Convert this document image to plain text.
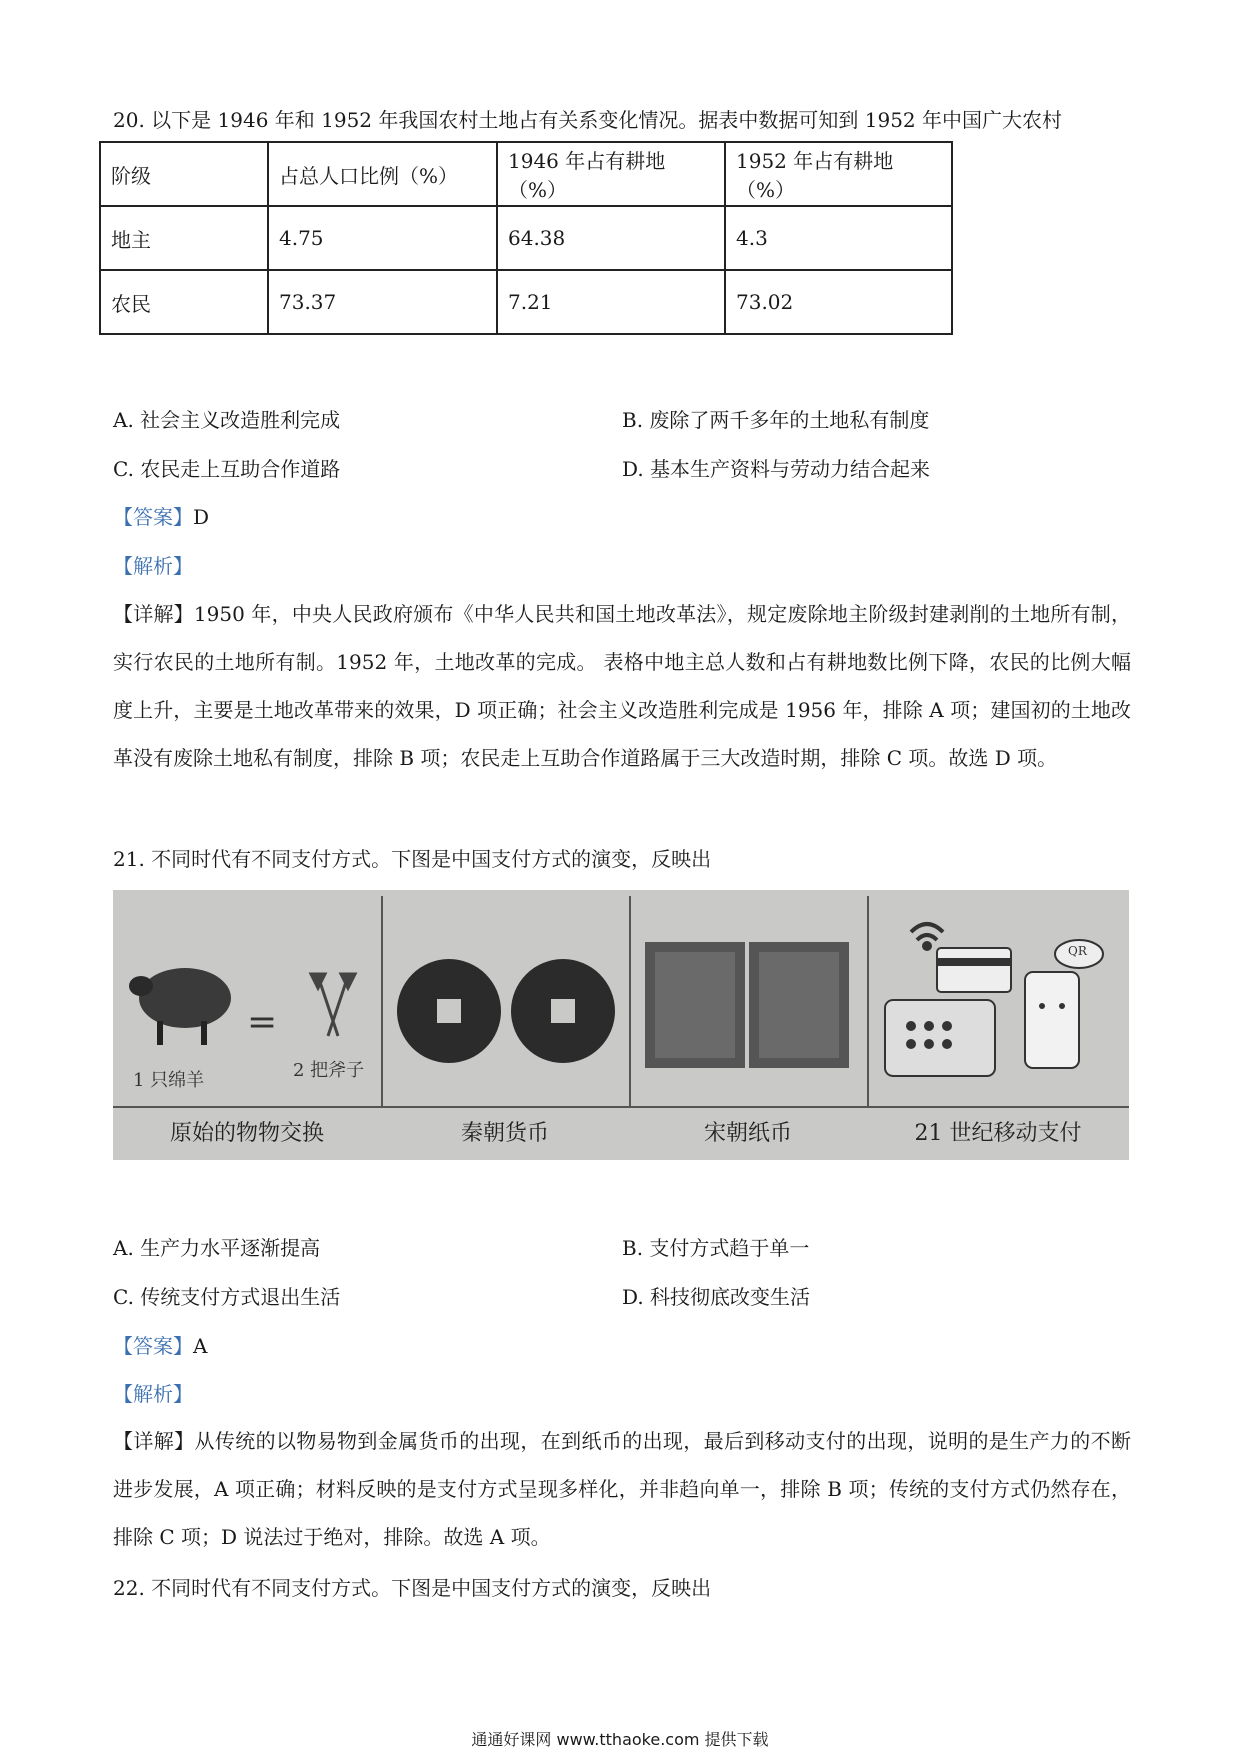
20. 以下是 1946 年和 1952 年我国农村土地占有关系变化情况。据表中数据可知到 1952 年中国广大农村
阶级	占总人口比例（%）	1946 年占有耕地（%）	1952 年占有耕地（%）
地主	4.75	64.38	4.3
农民	73.37	7.21	73.02
A. 社会主义改造胜利完成	B. 废除了两千多年的土地私有制度
C. 农民走上互助合作道路	D. 基本生产资料与劳动力结合起来
【答案】D
【解析】
【详解】1950 年，中央人民政府颁布《中华人民共和国土地改革法》，规定废除地主阶级封建剥削的土地所有制，实行农民的土地所有制。1952 年，土地改革的完成。 表格中地主总人数和占有耕地数比例下降，农民的比例大幅度上升，主要是土地改革带来的效果，D 项正确；社会主义改造胜利完成是 1956 年，排除 A 项；建国初的土地改革没有废除土地私有制度，排除 B 项；农民走上互助合作道路属于三大改造时期，排除 C 项。故选 D 项。
21. 不同时代有不同支付方式。下图是中国支付方式的演变，反映出
=
1 只绵羊	2 把斧子
QR
原始的物物交换	秦朝货币	宋朝纸币	21 世纪移动支付
A. 生产力水平逐渐提高	B. 支付方式趋于单一
C. 传统支付方式退出生活	D. 科技彻底改变生活
【答案】A
【解析】
【详解】从传统的以物易物到金属货币的出现，在到纸币的出现，最后到移动支付的出现，说明的是生产力的不断进步发展，A 项正确；材料反映的是支付方式呈现多样化，并非趋向单一，排除 B 项；传统的支付方式仍然存在，排除 C 项；D 说法过于绝对，排除。故选 A 项。
22. 不同时代有不同支付方式。下图是中国支付方式的演变，反映出
通通好课网 www.tthaoke.com 提供下载
